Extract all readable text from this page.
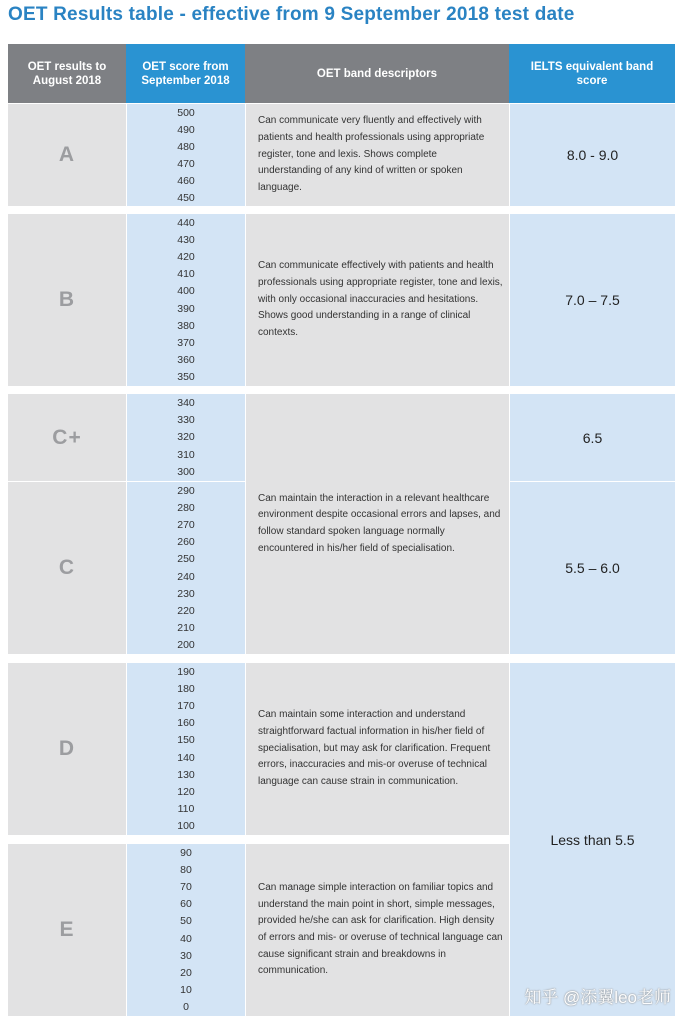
OET Results table - effective from 9 September 2018 test date
OET results to August 2018
OET score from September 2018
OET band descriptors
IELTS equivalent band score
A
500
490
480
470
460
450
Can communicate very fluently and effectively with patients and health professionals using appropriate register, tone and lexis. Shows complete understanding of any kind of written or spoken language.
8.0 - 9.0
B
440
430
420
410
400
390
380
370
360
350
Can communicate effectively with patients and health professionals using appropriate register, tone and lexis, with only occasional inaccuracies and hesitations. Shows good understanding in a range of clinical contexts.
7.0 – 7.5
C+
340
330
320
310
300
6.5
C
290
280
270
260
250
240
230
220
210
200
5.5 – 6.0
Can maintain the interaction in a relevant healthcare environment despite occasional errors and lapses, and follow standard spoken language normally encountered in his/her field of specialisation.
D
190
180
170
160
150
140
130
120
110
100
Can maintain some interaction and understand straightforward factual information in his/her field of specialisation, but may ask for clarification. Frequent errors, inaccuracies and mis-or overuse of technical language can cause strain in communication.
E
90
80
70
60
50
40
30
20
10
0
Can manage simple interaction on familiar topics and understand the main point in short, simple messages, provided he/she can ask for clarification. High density of errors and mis- or overuse of technical language can cause significant strain and breakdowns in communication.
Less than 5.5
知乎 @添翼leo老师
